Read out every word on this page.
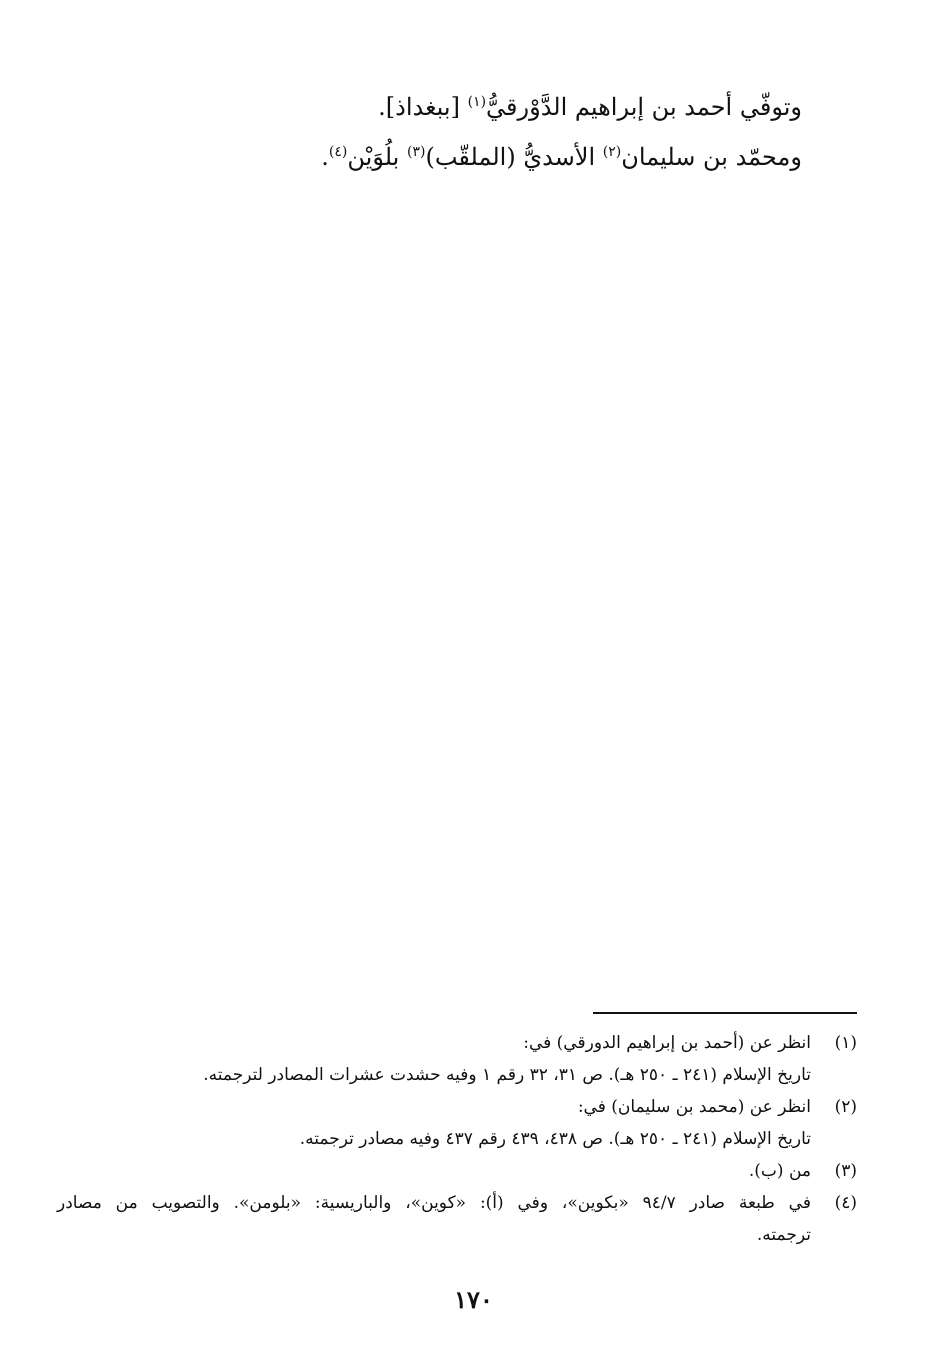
وتوفّي أحمد بن إبراهيم الدَّوْرقيُّ$^{(١)}$ [ببغداذ].
ومحمّد بن سليمان$^{(٢)}$ الأسديُّ (الملقّب)$^{(٣)}$ بلُوَيْن$^{(٤)}$.
(١)
انظر عن (أحمد بن إبراهيم الدورقي) في:
تاريخ الإسلام (٢٤١ ـ ٢٥٠ هـ). ص ٣١، ٣٢ رقم ١ وفيه حشدت عشرات المصادر لترجمته.
(٢)
انظر عن (محمد بن سليمان) في:
تاريخ الإسلام (٢٤١ ـ ٢٥٠ هـ). ص ٤٣٨، ٤٣٩ رقم ٤٣٧ وفيه مصادر ترجمته.
(٣)
من (ب).
(٤)
في طبعة صادر ٩٤/٧ «بكوين»، وفي (أ): «كوين»، والباريسية: «بلومن». والتصويب من مصادر
ترجمته.
١٧٠
